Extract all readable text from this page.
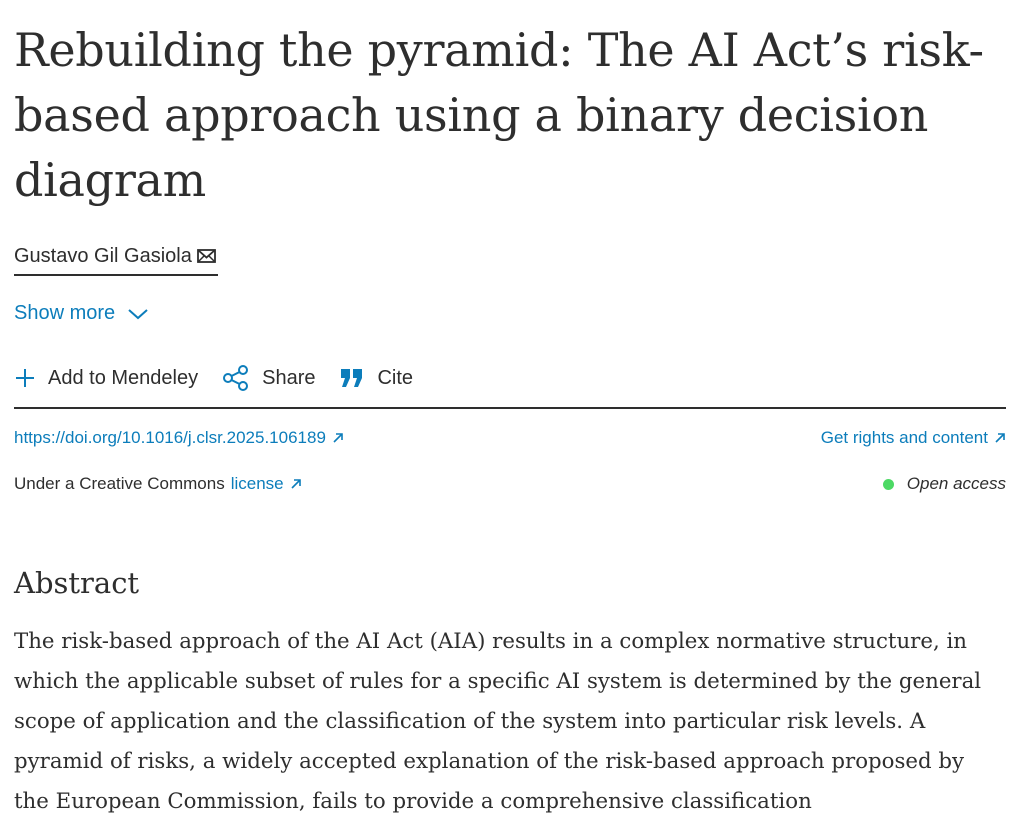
Rebuilding the pyramid: The AI Act’s risk-based approach using a binary decision diagram
Gustavo Gil Gasiola
Show more
Add to Mendeley	Share	Cite
https://doi.org/10.1016/j.clsr.2025.106189	Get rights and content
Under a Creative Commons license	Open access
Abstract

The risk-based approach of the AI Act (AIA) results in a complex normative structure, in which the applicable subset of rules for a specific AI system is determined by the general scope of application and the classification of the system into particular risk levels. A pyramid of risks, a widely accepted explanation of the risk-based approach proposed by the European Commission, fails to provide a comprehensive classification
